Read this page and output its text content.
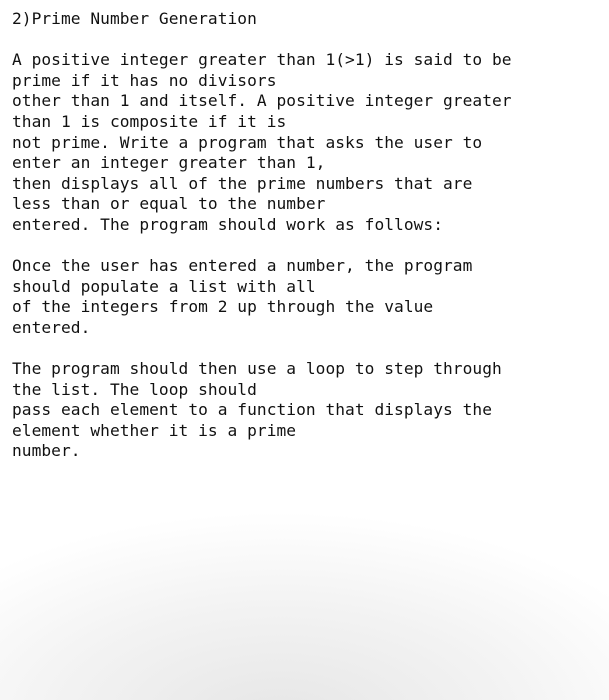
2)Prime Number Generation
A positive integer greater than 1(>1) is said to be
prime if it has no divisors
other than 1 and itself. A positive integer greater
than 1 is composite if it is
not prime. Write a program that asks the user to
enter an integer greater than 1,
then displays all of the prime numbers that are
less than or equal to the number
entered. The program should work as follows:
Once the user has entered a number, the program
should populate a list with all
of the integers from 2 up through the value
entered.
The program should then use a loop to step through
the list. The loop should
pass each element to a function that displays the
element whether it is a prime
number.
